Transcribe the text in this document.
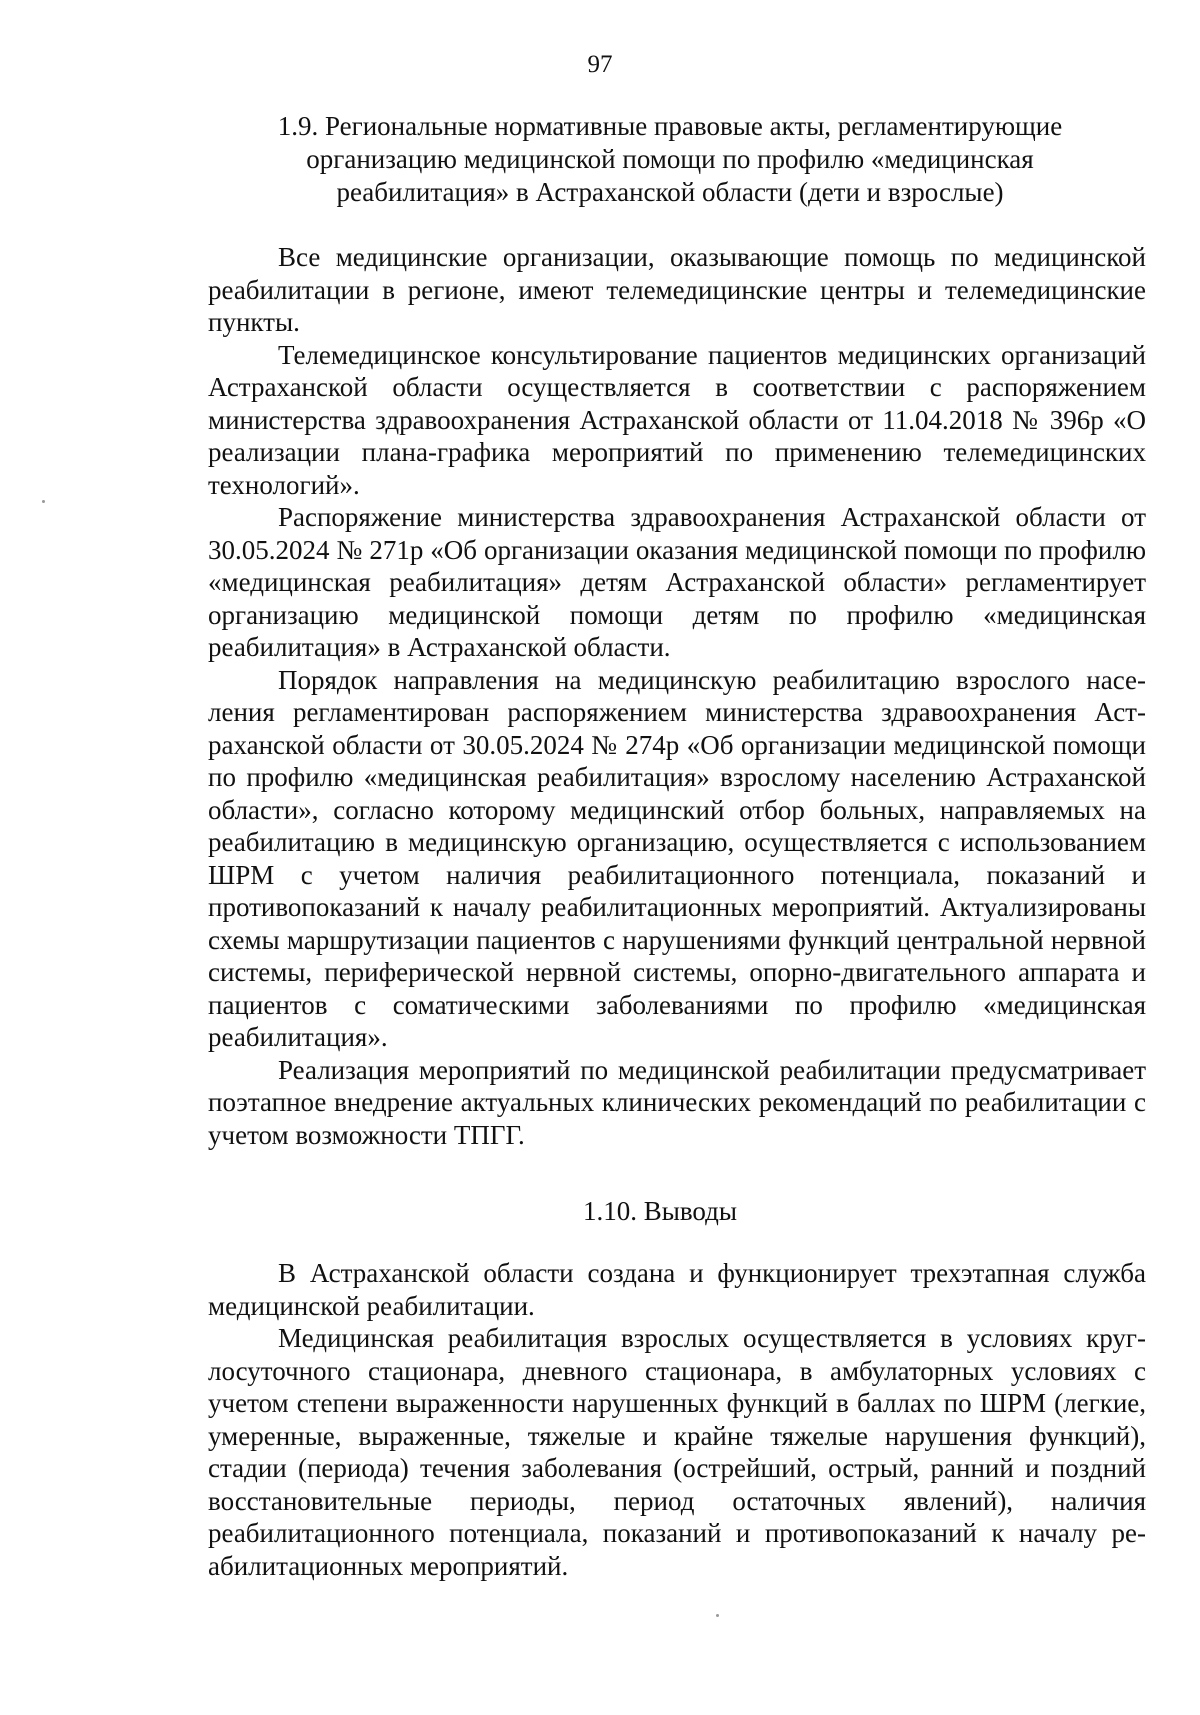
97
1.9. Региональные нормативные правовые акты, регламентирующие
организацию медицинской помощи по профилю «медицинская
реабилитация» в Астраханской области (дети и взрослые)

Все медицинские организации, оказывающие помощь по медицинской реабилитации в регионе, имеют телемедицинские центры и телемедицинские пункты.

Телемедицинское консультирование пациентов медицинских организаций Астраханской области осуществляется в соответствии с распоряжением министерства здравоохранения Астраханской области от 11.04.2018 № 396р «О реализации плана-графика мероприятий по применению телемедицинских технологий».

Распоряжение министерства здравоохранения Астраханской области от 30.05.2024 № 271р «Об организации оказания медицинской помощи по профилю «медицинская реабилитация» детям Астраханской области» регламентирует организацию медицинской помощи детям по профилю «медицинская реабилитация» в Астраханской области.

Порядок направления на медицинскую реабилитацию взрослого населения регламентирован распоряжением министерства здравоохранения Астраханской области от 30.05.2024 № 274р «Об организации медицинской помощи по профилю «медицинская реабилитация» взрослому населению Астраханской области», согласно которому медицинский отбор больных, направляемых на реабилитацию в медицинскую организацию, осуществляется с использованием ШРМ с учетом наличия реабилитационного потенциала, показаний и противопоказаний к началу реабилитационных мероприятий. Актуализированы схемы маршрутизации пациентов с нарушениями функций центральной нервной системы, периферической нервной системы, опорно-двигательного аппарата и пациентов с соматическими заболеваниями по профилю «медицинская реабилитация».

Реализация мероприятий по медицинской реабилитации предусматривает поэтапное внедрение актуальных клинических рекомендаций по реабилитации с учетом возможности ТПГГ.

1.10. Выводы

В Астраханской области создана и функционирует трехэтапная служба медицинской реабилитации.

Медицинская реабилитация взрослых осуществляется в условиях круглосуточного стационара, дневного стационара, в амбулаторных условиях с учетом степени выраженности нарушенных функций в баллах по ШРМ (легкие, умеренные, выраженные, тяжелые и крайне тяжелые нарушения функций), стадии (периода) течения заболевания (острейший, острый, ранний и поздний восстановительные периоды, период остаточных явлений), наличия реабилитационного потенциала, показаний и противопоказаний к началу реабилитационных мероприятий.
